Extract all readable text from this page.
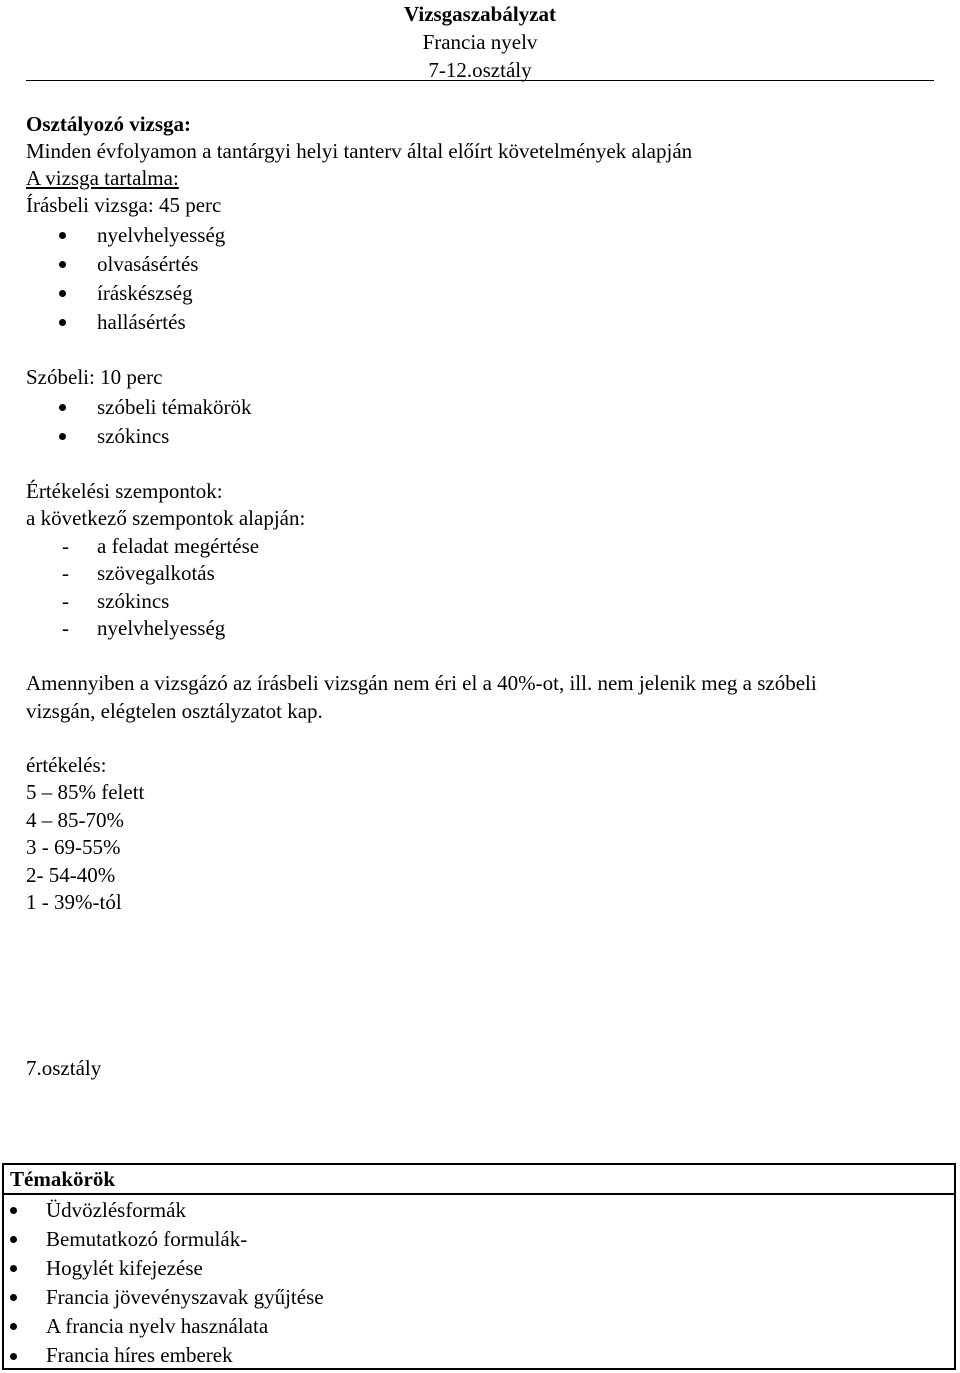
Vizsgaszabályzat
Francia nyelv
7-12.osztály
Osztályozó vizsga:
Minden évfolyamon a tantárgyi helyi tanterv által előírt követelmények alapján
A vizsga tartalma:
Írásbeli vizsga: 45 perc
nyelvhelyesség
olvasásértés
íráskészség
hallásértés
Szóbeli: 10 perc
szóbeli témakörök
szókincs
Értékelési szempontok:
a következő szempontok alapján:
- a feladat megértése
- szövegalkotás
- szókincs
- nyelvhelyesség
Amennyiben a vizsgázó az írásbeli vizsgán nem éri el a 40%-ot, ill. nem jelenik meg a szóbeli
vizsgán, elégtelen osztályzatot kap.
értékelés:
5 – 85% felett
4 – 85-70%
3 - 69-55%
2- 54-40%
1 - 39%-tól
7.osztály
Témakörök
Üdvözlésformák
Bemutatkozó formulák-
Hogylét kifejezése
Francia jövevényszavak gyűjtése
A francia nyelv használata
Francia híres emberek
